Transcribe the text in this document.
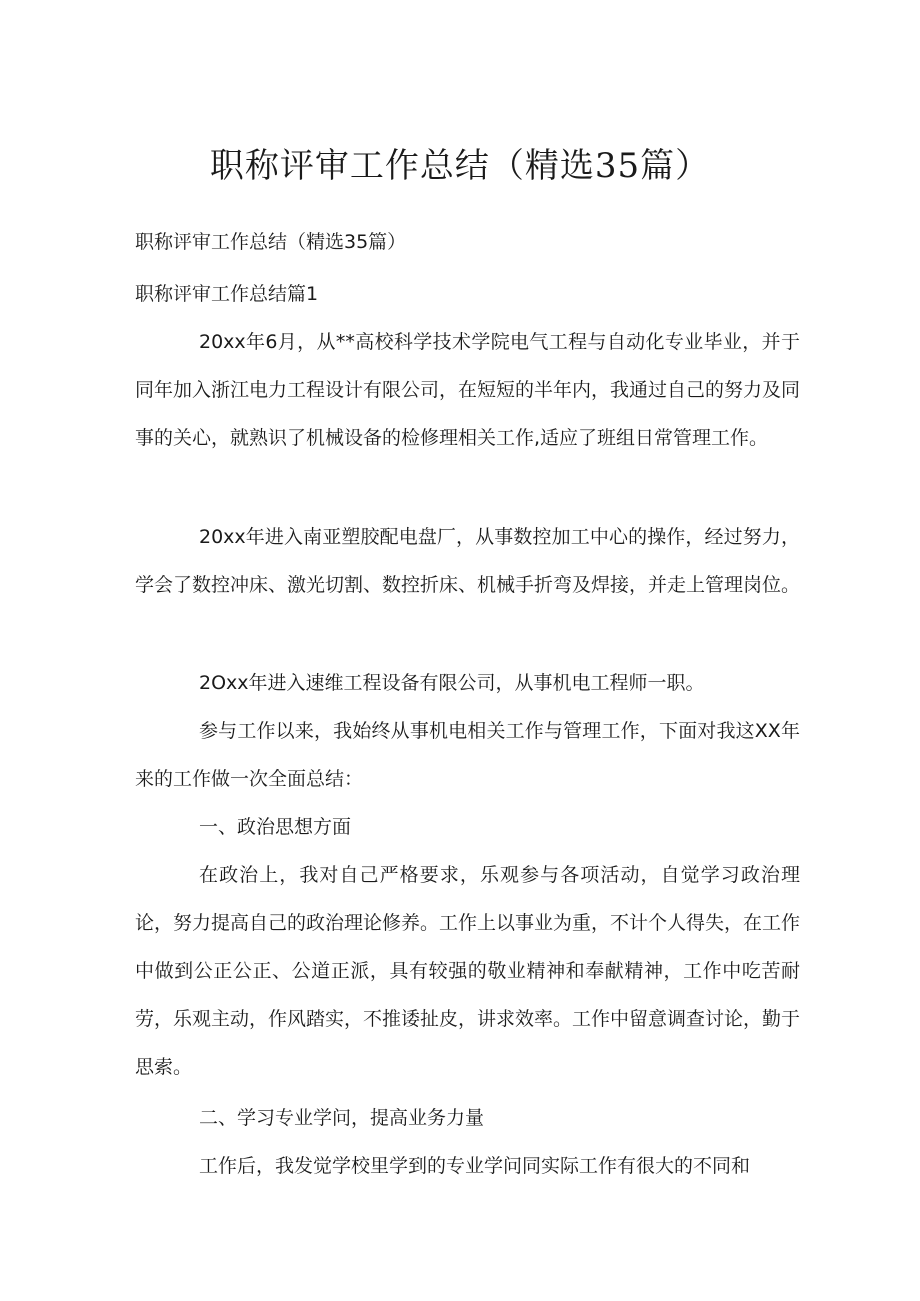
职称评审工作总结（精选35篇）

职称评审工作总结（精选35篇）

职称评审工作总结篇1

20xx年6月，从**高校科学技术学院电气工程与自动化专业毕业，并于同年加入浙江电力工程设计有限公司，在短短的半年内，我通过自己的努力及同事的关心，就熟识了机械设备的检修理相关工作,适应了班组日常管理工作。

20xx年进入南亚塑胶配电盘厂，从事数控加工中心的操作，经过努力，学会了数控冲床、激光切割、数控折床、机械手折弯及焊接，并走上管理岗位。

2Oxx年进入速维工程设备有限公司，从事机电工程师一职。

参与工作以来，我始终从事机电相关工作与管理工作，下面对我这XX年来的工作做一次全面总结：

一、政治思想方面

在政治上，我对自己严格要求，乐观参与各项活动，自觉学习政治理论，努力提高自己的政治理论修养。工作上以事业为重，不计个人得失，在工作中做到公正公正、公道正派，具有较强的敬业精神和奉献精神，工作中吃苦耐劳，乐观主动，作风踏实，不推诿扯皮，讲求效率。工作中留意调查讨论，勤于思索。

二、学习专业学问，提高业务力量

工作后，我发觉学校里学到的专业学问同实际工作有很大的不同和
